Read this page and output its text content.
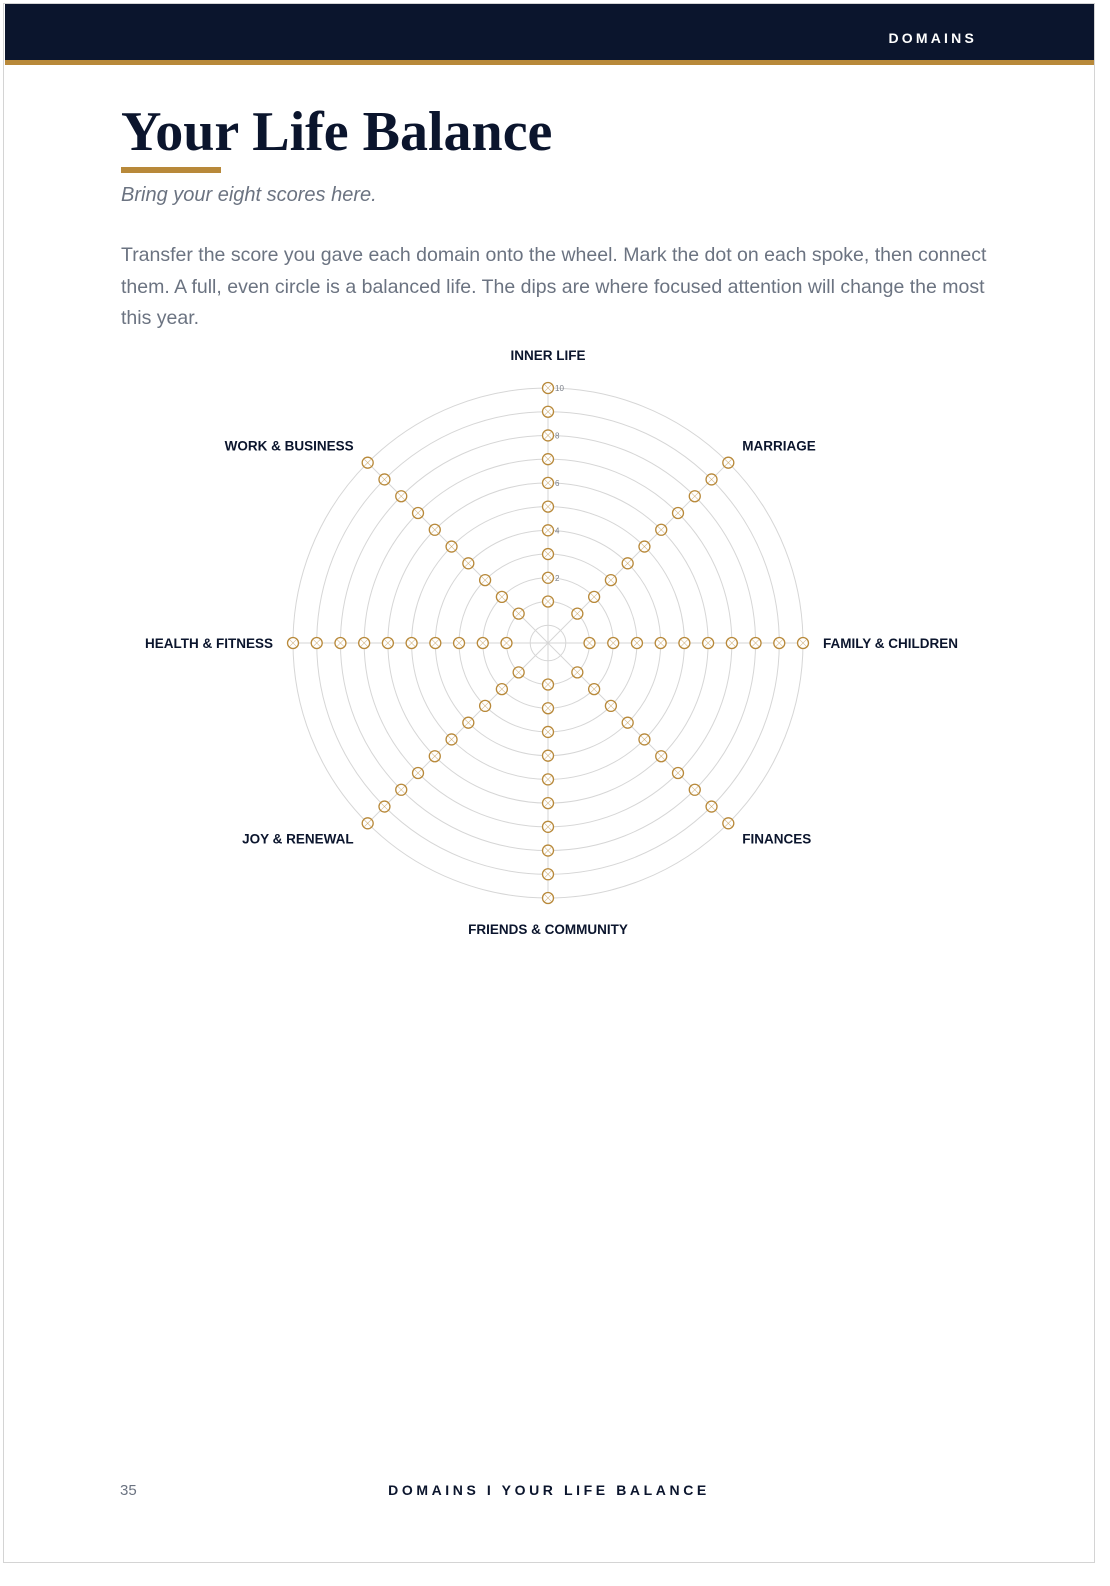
DOMAINS
Your Life Balance
Bring your eight scores here.

Transfer the score you gave each domain onto the wheel. Mark the dot on each spoke, then connect them. A full, even circle is a balanced life. The dips are where focused attention will change the most this year.

INNER LIFE
MARRIAGE
FAMILY & CHILDREN
FINANCES
FRIENDS & COMMUNITY
JOY & RENEWAL
HEALTH & FITNESS
WORK & BUSINESS
2
4
6
8
10
35	DOMAINS I YOUR LIFE BALANCE
